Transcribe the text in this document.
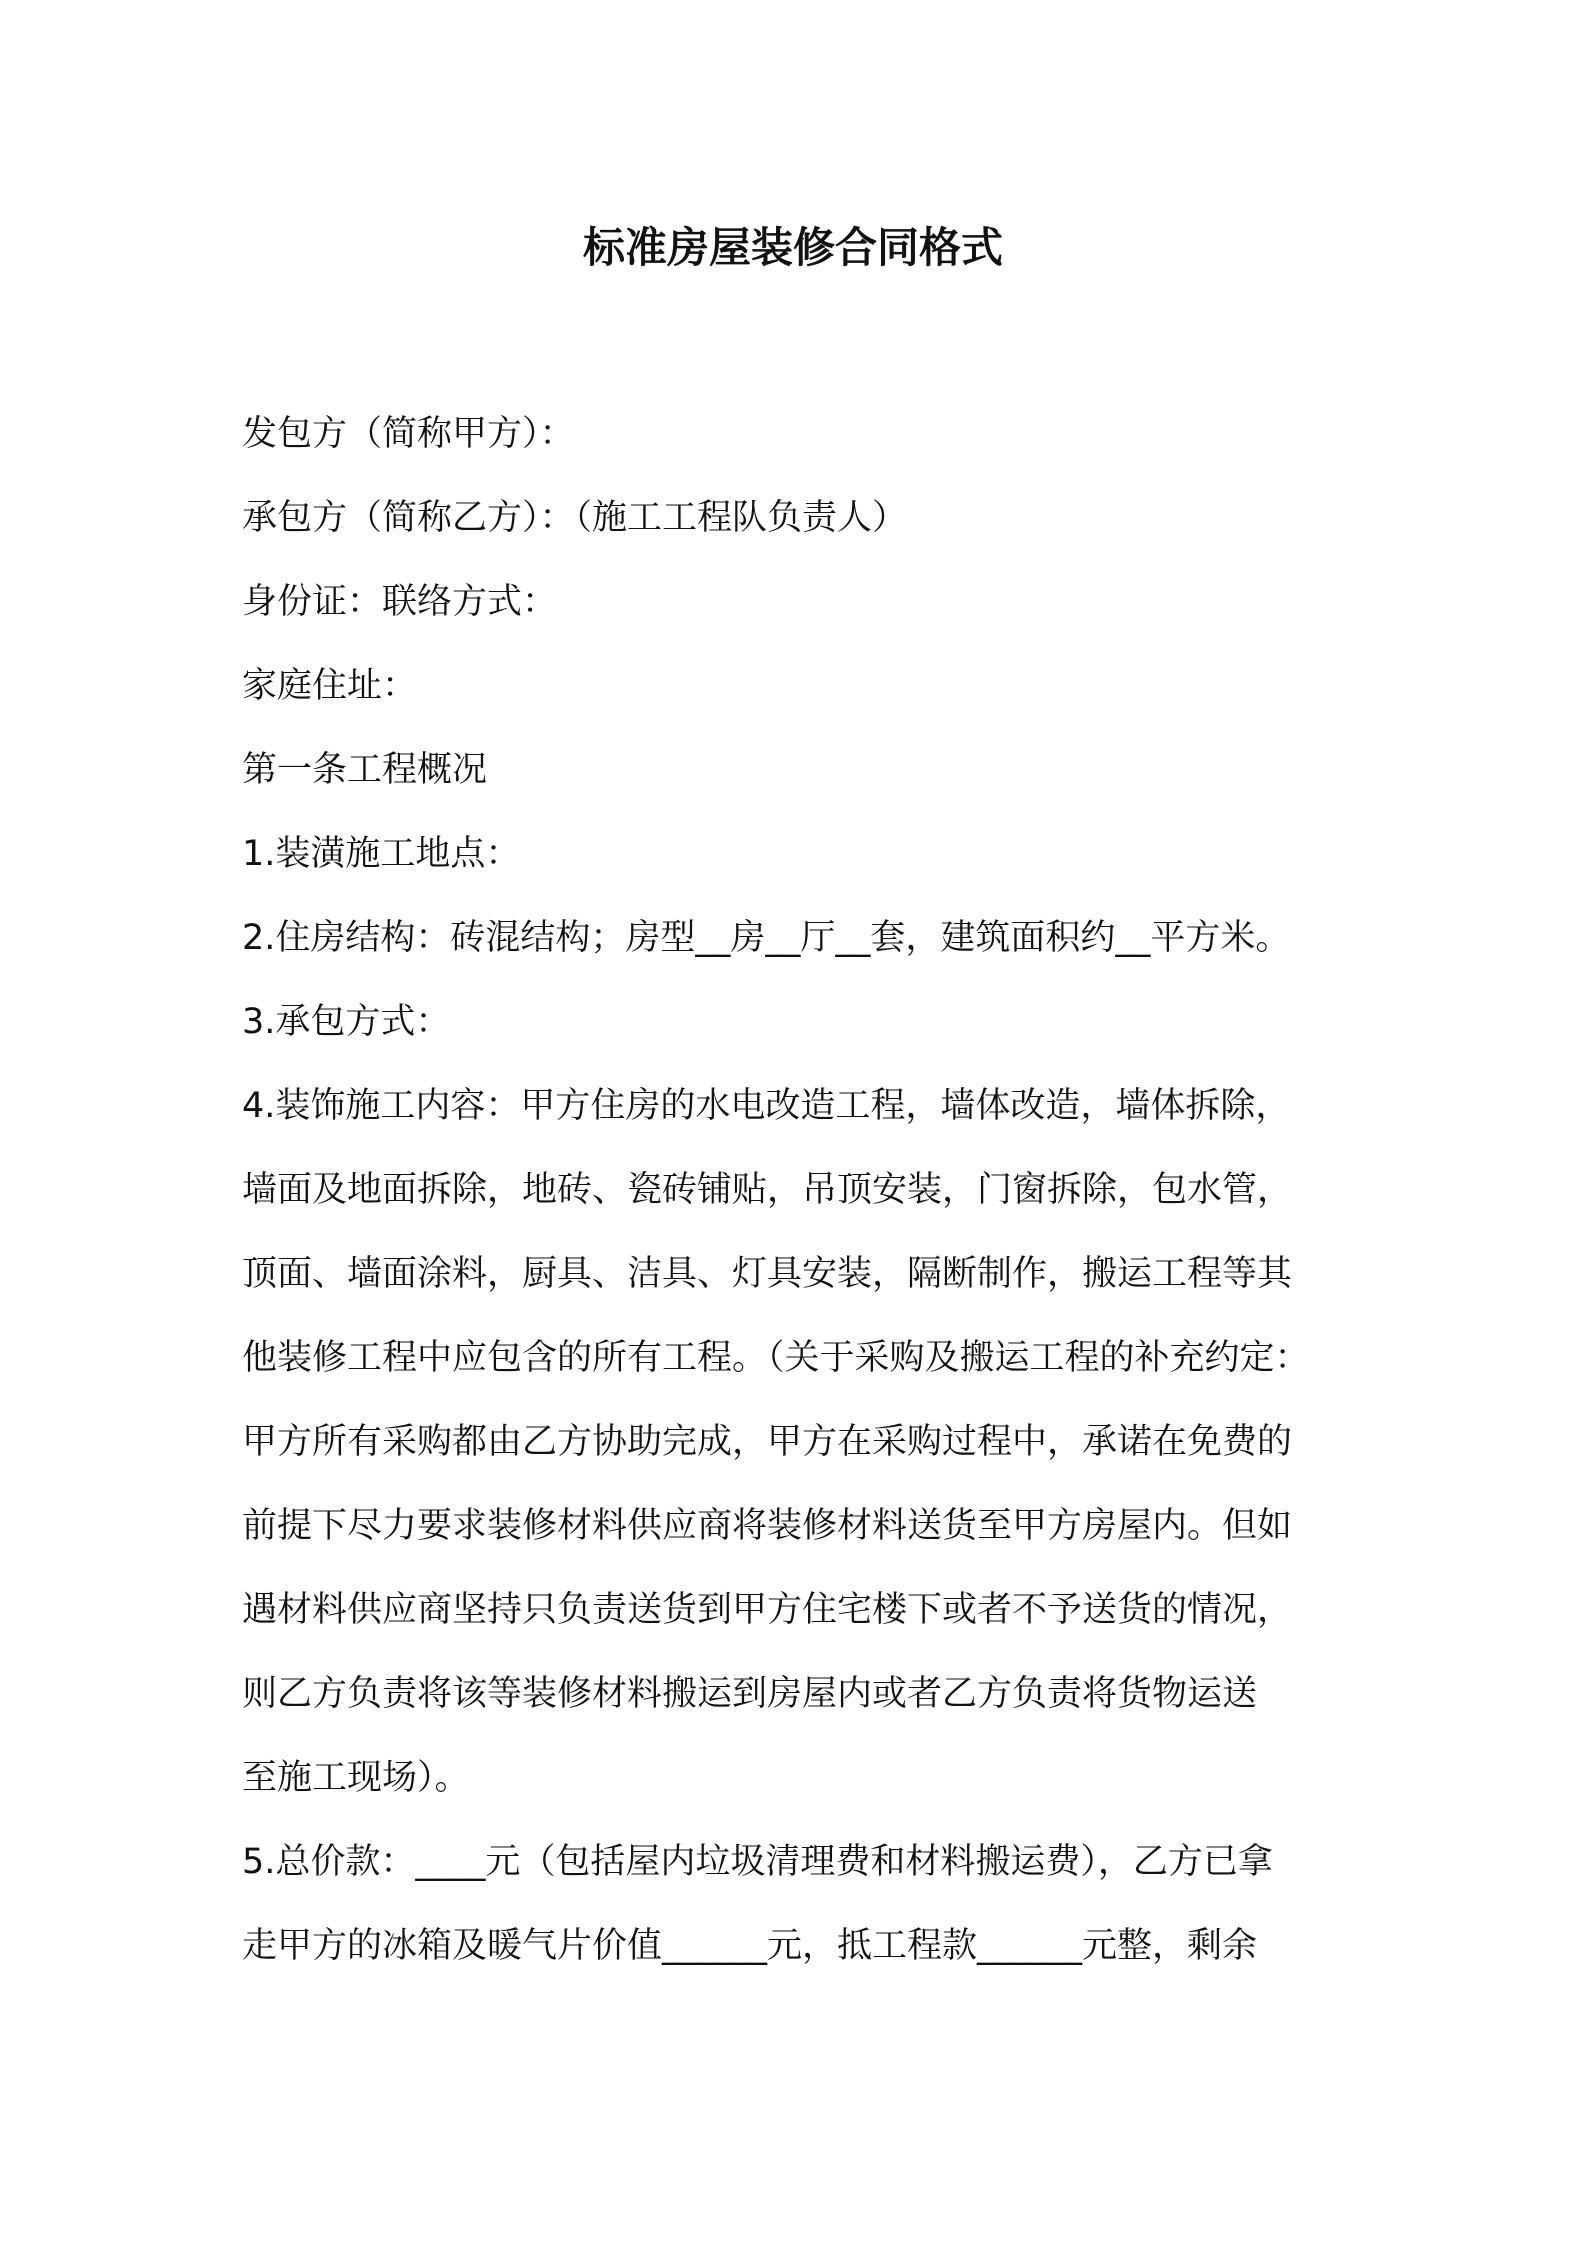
标准房屋装修合同格式
发包方（简称甲方）：
承包方（简称乙方）：（施工工程队负责人）
身份证：联络方式：
家庭住址：
第一条工程概况
1.装潢施工地点：
2.住房结构：砖混结构；房型__房__厅__套，建筑面积约__平方米。
3.承包方式：
4.装饰施工内容：甲方住房的水电改造工程，墙体改造，墙体拆除，
墙面及地面拆除，地砖、瓷砖铺贴，吊顶安装，门窗拆除，包水管，
顶面、墙面涂料，厨具、洁具、灯具安装，隔断制作，搬运工程等其
他装修工程中应包含的所有工程。（关于采购及搬运工程的补充约定：
甲方所有采购都由乙方协助完成，甲方在采购过程中，承诺在免费的
前提下尽力要求装修材料供应商将装修材料送货至甲方房屋内。但如
遇材料供应商坚持只负责送货到甲方住宅楼下或者不予送货的情况，
则乙方负责将该等装修材料搬运到房屋内或者乙方负责将货物运送
至施工现场）。
5.总价款：____元（包括屋内垃圾清理费和材料搬运费），乙方已拿
走甲方的冰箱及暖气片价值______元，抵工程款______元整，剩余
